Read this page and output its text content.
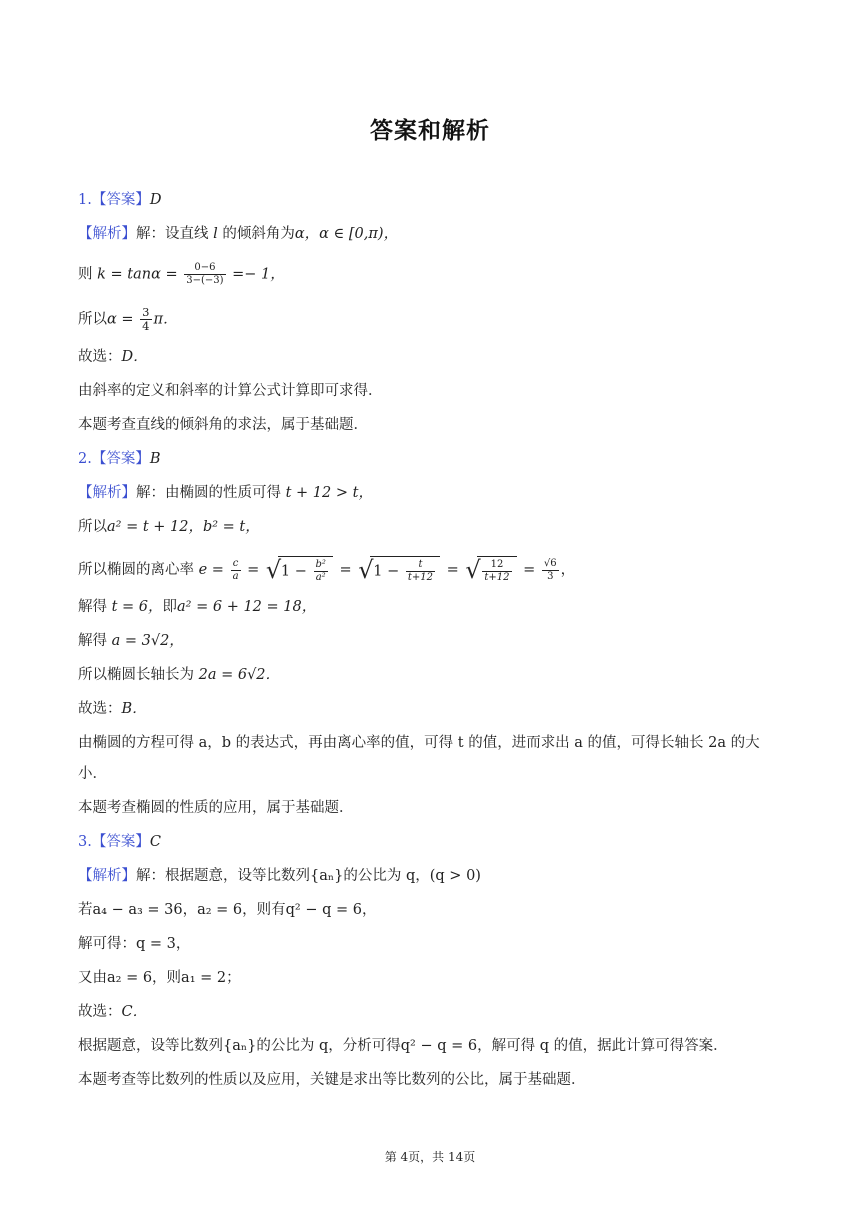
答案和解析
1.【答案】D
【解析】解：设直线 l 的倾斜角为α，α ∈ [0,π)，
则 $k = \tan\alpha = \frac{0-6}{3-(-3)} =- 1$，
所以$\alpha = \frac{3}{4}$ π．
故选：D．
由斜率的定义和斜率的计算公式计算即可求得．
本题考查直线的倾斜角的求法，属于基础题．
2.【答案】B
【解析】解：由椭圆的性质可得 t + 12 > t，
所以a² = t + 12，b² = t，
所以椭圆的离心率 $e = \frac{c}{a}$ = √ $1 - \frac{\text{b²}}{\text{a²}}$ = √ $1 - \frac{t}{t+12}$ = √ $\frac{12}{t+12} = \frac{√6}{3}$ ，
解得 t = 6，即a² = 6 + 12 = 18，
解得 a = 3√2，
所以椭圆长轴长为 2a = 6√2．
故选：B．
由椭圆的方程可得 a，b 的表达式，再由离心率的值，可得 t 的值，进而求出 a 的值，可得长轴长 2a 的大
小．
本题考查椭圆的性质的应用，属于基础题．
3.【答案】C
【解析】解：根据题意，设等比数列{aₙ}的公比为 q，(q > 0)
若a₄ − a₃ = 36，a₂ = 6，则有q² − q = 6，
解可得：q = 3，
又由a₂ = 6，则a₁ = 2；
故选：C．
根据题意，设等比数列{aₙ}的公比为 q，分析可得q² − q = 6，解可得 q 的值，据此计算可得答案．
本题考查等比数列的性质以及应用，关键是求出等比数列的公比，属于基础题．
第 4页，共 14页
